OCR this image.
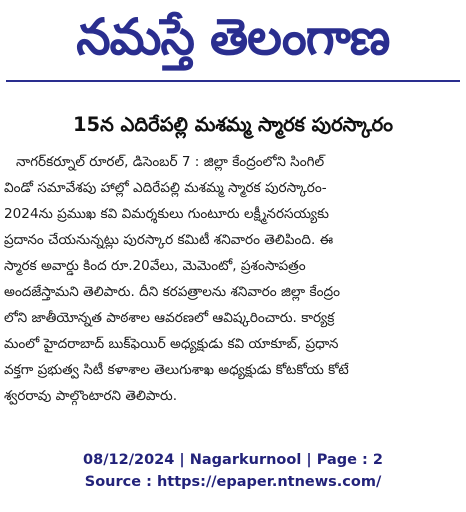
నమస్తే తెలంగాణ
15న ఎదిరేపల్లి మశమ్మ స్మారక పురస్కారం
నాగర్‌కర్నూల్ రూరల్, డిసెంబర్ 7 : జిల్లా కేంద్రంలోని సింగిల్
విండో సమావేశపు హాల్లో ఎదిరేపల్లి మశమ్మ స్మారక పురస్కారం-
2024ను ప్రముఖ కవి విమర్శకులు గుంటూరు లక్ష్మీనరసయ్యకు
ప్రదానం చేయనున్నట్లు పురస్కార కమిటీ శనివారం తెలిపింది. ఈ
స్మారక అవార్డు కింద రూ.20వేలు, మెమెంటో, ప్రశంసాపత్రం
అందజేస్తామని తెలిపారు. దీని కరపత్రాలను శనివారం జిల్లా కేంద్రం
లోని జాతీయోన్నత పాఠశాల ఆవరణలో ఆవిష్కరించారు. కార్యక్ర
మంలో హైదరాబాద్ బుక్‌ఫెయిర్ అధ్యక్షుడు కవి యాకూబ్, ప్రధాన
వక్తగా ప్రభుత్వ సిటీ కళాశాల తెలుగుశాఖ అధ్యక్షుడు కోటకోయ కోటే
శ్వరరావు పాల్గొంటారని తెలిపారు.
08/12/2024 | Nagarkurnool | Page : 2
Source : https://epaper.ntnews.com/
